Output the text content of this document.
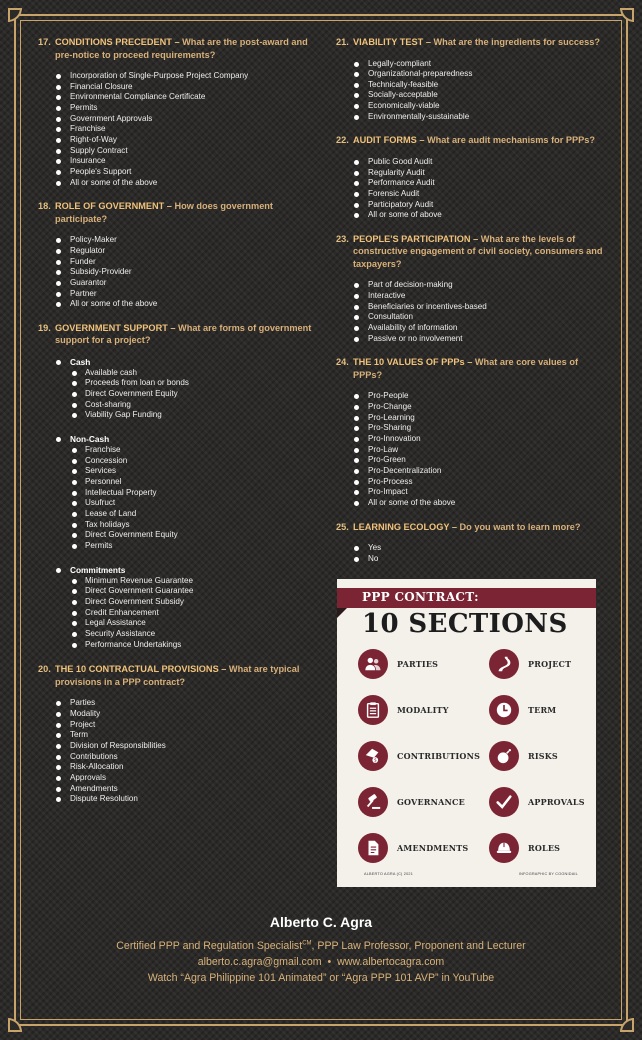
17. CONDITIONS PRECEDENT – What are the post-award and pre-notice to proceed requirements?
Incorporation of Single-Purpose Project Company
Financial Closure
Environmental Compliance Certificate
Permits
Government Approvals
Franchise
Right-of-Way
Supply Contract
Insurance
People's Support
All or some of the above
18. ROLE OF GOVERNMENT – How does government participate?
Policy-Maker
Regulator
Funder
Subsidy-Provider
Guarantor
Partner
All or some of the above
19. GOVERNMENT SUPPORT – What are forms of government support for a project?
Cash
Available cash
Proceeds from loan or bonds
Direct Government Equity
Cost-sharing
Viability Gap Funding
Non-Cash
Franchise
Concession
Services
Personnel
Intellectual Property
Usufruct
Lease of Land
Tax holidays
Direct Government Equity
Permits
Commitments
Minimum Revenue Guarantee
Direct Government Guarantee
Direct Government Subsidy
Credit Enhancement
Legal Assistance
Security Assistance
Performance Undertakings
20. THE 10 CONTRACTUAL PROVISIONS – What are typical provisions in a PPP contract?
Parties
Modality
Project
Term
Division of Responsibilities
Contributions
Risk-Allocation
Approvals
Amendments
Dispute Resolution
21. VIABILITY TEST – What are the ingredients for success?
Legally-compliant
Organizational-preparedness
Technically-feasible
Socially-acceptable
Economically-viable
Environmentally-sustainable
22. AUDIT FORMS – What are audit mechanisms for PPPs?
Public Good Audit
Regularity Audit
Performance Audit
Forensic Audit
Participatory Audit
All or some of above
23. PEOPLE'S PARTICIPATION – What are the levels of constructive engagement of civil society, consumers and taxpayers?
Part of decision-making
Interactive
Beneficiaries or incentives-based
Consultation
Availability of information
Passive or no involvement
24. THE 10 VALUES OF PPPs – What are core values of PPPs?
Pro-People
Pro-Change
Pro-Learning
Pro-Sharing
Pro-Innovation
Pro-Law
Pro-Green
Pro-Decentralization
Pro-Process
Pro-Impact
All or some of the above
25. LEARNING ECOLOGY – Do you want to learn more?
Yes
No
PPP CONTRACT:
10 SECTIONS
PARTIES	PROJECT
MODALITY	TERM
$
CONTRIBUTIONS	RISKS
GOVERNANCE	APPROVALS
AMENDMENTS	ROLES
ALBERTO AGRA (C) 2021	INFOGRAPHIC BY COGNIDAIL
Alberto C. Agra
Certified PPP and Regulation Specialist$^{CM}$, PPP Law Professor, Proponent and Lecturer
alberto.c.agra@gmail.com • www.albertocagra.com
Watch “Agra Philippine 101 Animated” or “Agra PPP 101 AVP” in YouTube
